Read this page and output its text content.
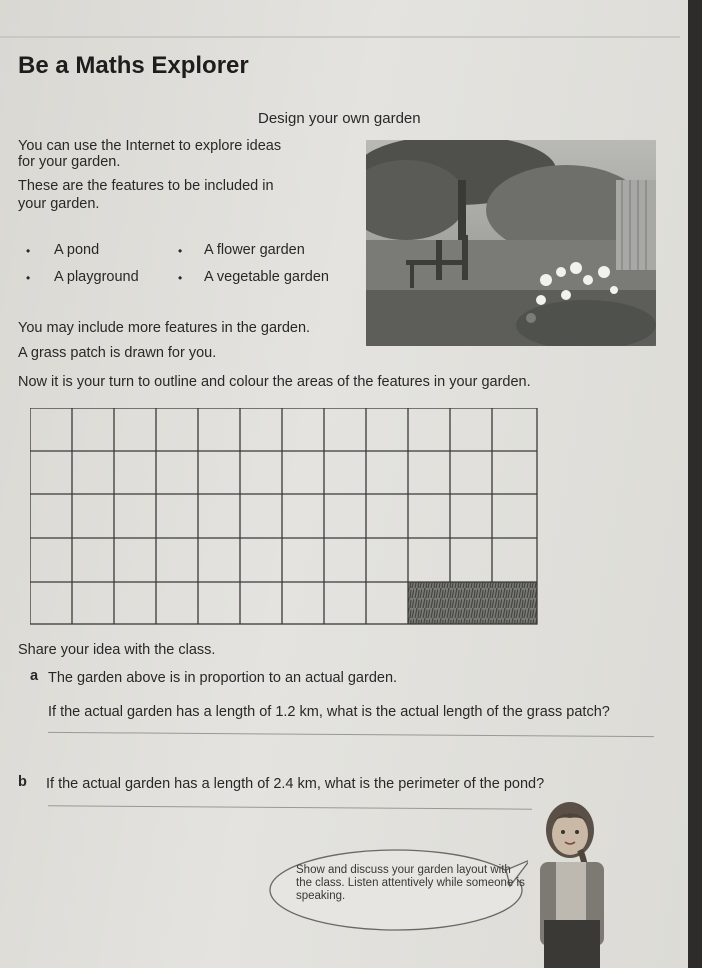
Be a Maths Explorer
Design your own garden
You can use the Internet to explore ideas
for your garden.
These are the features to be included in
your garden.
• A pond	• A flower garden
• A playground	• A vegetable garden
You may include more features in the garden.
A grass patch is drawn for you.
Now it is your turn to outline and colour the areas of the features in your garden.
Share your idea with the class.
a The garden above is in proportion to an actual garden.
If the actual garden has a length of 1.2 km, what is the actual length of the grass patch?
b If the actual garden has a length of 2.4 km, what is the perimeter of the pond?
Show and discuss your garden layout with the class. Listen attentively while someone is speaking.
